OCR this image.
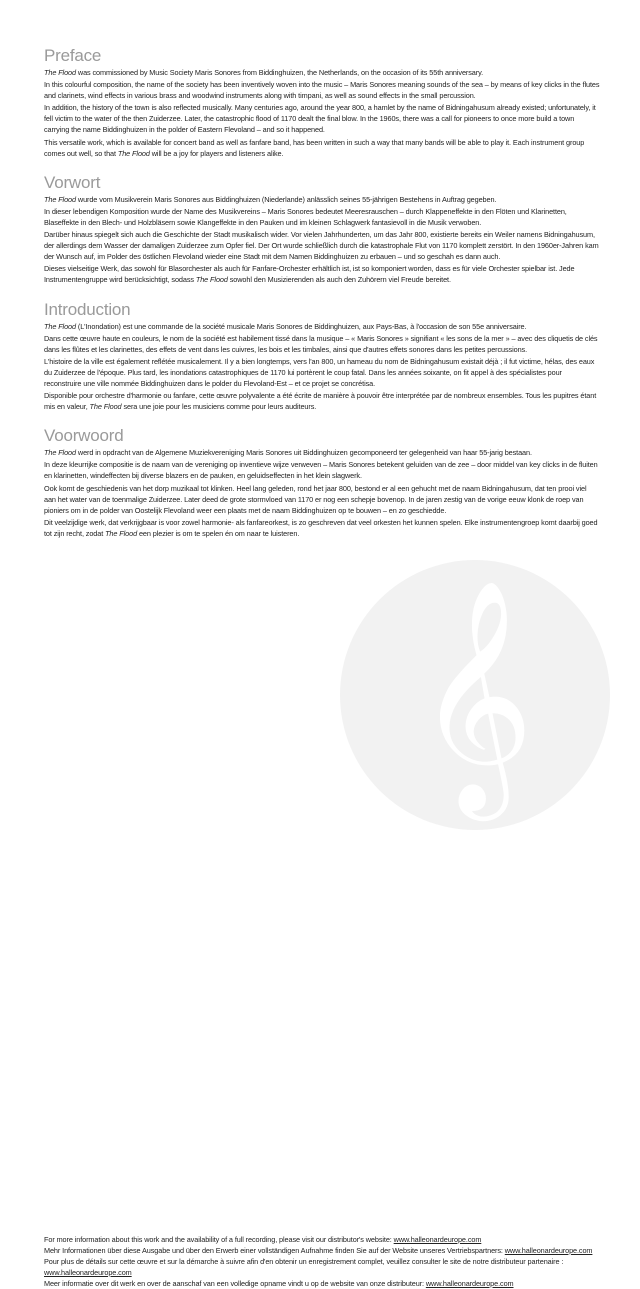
𝄞
Preface

The Flood was commissioned by Music Society Maris Sonores from Biddinghuizen, the Netherlands, on the occasion of its 55th anniversary.

In this colourful composition, the name of the society has been inventively woven into the music – Maris Sonores meaning sounds of the sea – by means of key clicks in the flutes and clarinets, wind effects in various brass and woodwind instruments along with timpani, as well as sound effects in the small percussion.

In addition, the history of the town is also reflected musically. Many centuries ago, around the year 800, a hamlet by the name of Bidningahusum already existed; unfortunately, it fell victim to the water of the then Zuiderzee. Later, the catastrophic flood of 1170 dealt the final blow. In the 1960s, there was a call for pioneers to once more build a town carrying the name Biddinghuizen in the polder of Eastern Flevoland – and so it happened.

This versatile work, which is available for concert band as well as fanfare band, has been written in such a way that many bands will be able to play it. Each instrument group comes out well, so that The Flood will be a joy for players and listeners alike.

Vorwort

The Flood wurde vom Musikverein Maris Sonores aus Biddinghuizen (Niederlande) anlässlich seines 55-jährigen Bestehens in Auftrag gegeben.

In dieser lebendigen Komposition wurde der Name des Musikvereins – Maris Sonores bedeutet Meeresrauschen – durch Klappeneffekte in den Flöten und Klarinetten, Blaseffekte in den Blech- und Holzbläsern sowie Klangeffekte in den Pauken und im kleinen Schlagwerk fantasievoll in die Musik verwoben.

Darüber hinaus spiegelt sich auch die Geschichte der Stadt musikalisch wider. Vor vielen Jahrhunderten, um das Jahr 800, existierte bereits ein Weiler namens Bidningahusum, der allerdings dem Wasser der damaligen Zuiderzee zum Opfer fiel. Der Ort wurde schließlich durch die katastrophale Flut von 1170 komplett zerstört. In den 1960er-Jahren kam der Wunsch auf, im Polder des östlichen Flevoland wieder eine Stadt mit dem Namen Biddinghuizen zu erbauen – und so geschah es dann auch.

Dieses vielseitige Werk, das sowohl für Blasorchester als auch für Fanfare-Orchester erhältlich ist, ist so komponiert worden, dass es für viele Orchester spielbar ist. Jede Instrumentengruppe wird berücksichtigt, sodass The Flood sowohl den Musizierenden als auch den Zuhörern viel Freude bereitet.

Introduction

The Flood (L'Inondation) est une commande de la société musicale Maris Sonores de Biddinghuizen, aux Pays-Bas, à l'occasion de son 55e anniversaire.

Dans cette œuvre haute en couleurs, le nom de la société est habilement tissé dans la musique – « Maris Sonores » signifiant « les sons de la mer » – avec des cliquetis de clés dans les flûtes et les clarinettes, des effets de vent dans les cuivres, les bois et les timbales, ainsi que d'autres effets sonores dans les petites percussions.

L'histoire de la ville est également reflétée musicalement. Il y a bien longtemps, vers l'an 800, un hameau du nom de Bidningahusum existait déjà ; il fut victime, hélas, des eaux du Zuiderzee de l'époque. Plus tard, les inondations catastrophiques de 1170 lui portèrent le coup fatal. Dans les années soixante, on fit appel à des spécialistes pour reconstruire une ville nommée Biddinghuizen dans le polder du Flevoland-Est – et ce projet se concrétisa.

Disponible pour orchestre d'harmonie ou fanfare, cette œuvre polyvalente a été écrite de manière à pouvoir être interprétée par de nombreux ensembles. Tous les pupitres étant mis en valeur, The Flood sera une joie pour les musiciens comme pour leurs auditeurs.

Voorwoord

The Flood werd in opdracht van de Algemene Muziekvereniging Maris Sonores uit Biddinghuizen gecomponeerd ter gelegenheid van haar 55-jarig bestaan.

In deze kleurrijke compositie is de naam van de vereniging op inventieve wijze verweven – Maris Sonores betekent geluiden van de zee – door middel van key clicks in de fluiten en klarinetten, windeffecten bij diverse blazers en de pauken, en geluidseffecten in het klein slagwerk.

Ook komt de geschiedenis van het dorp muzikaal tot klinken. Heel lang geleden, rond het jaar 800, bestond er al een gehucht met de naam Bidningahusum, dat ten prooi viel aan het water van de toenmalige Zuiderzee. Later deed de grote stormvloed van 1170 er nog een schepje bovenop. In de jaren zestig van de vorige eeuw klonk de roep van pioniers om in de polder van Oostelijk Flevoland weer een plaats met de naam Biddinghuizen op te bouwen – en zo geschiedde.

Dit veelzijdige werk, dat verkrijgbaar is voor zowel harmonie- als fanfareorkest, is zo geschreven dat veel orkesten het kunnen spelen. Elke instrumentengroep komt daarbij goed tot zijn recht, zodat The Flood een plezier is om te spelen én om naar te luisteren.

For more information about this work and the availability of a full recording, please visit our distributor's website: www.halleonardeurope.com

Mehr Informationen über diese Ausgabe und über den Erwerb einer vollständigen Aufnahme finden Sie auf der Website unseres Vertriebspartners: www.halleonardeurope.com

Pour plus de détails sur cette œuvre et sur la démarche à suivre afin d'en obtenir un enregistrement complet, veuillez consulter le site de notre distributeur partenaire : www.halleonardeurope.com

Meer informatie over dit werk en over de aanschaf van een volledige opname vindt u op de website van onze distributeur: www.halleonardeurope.com
